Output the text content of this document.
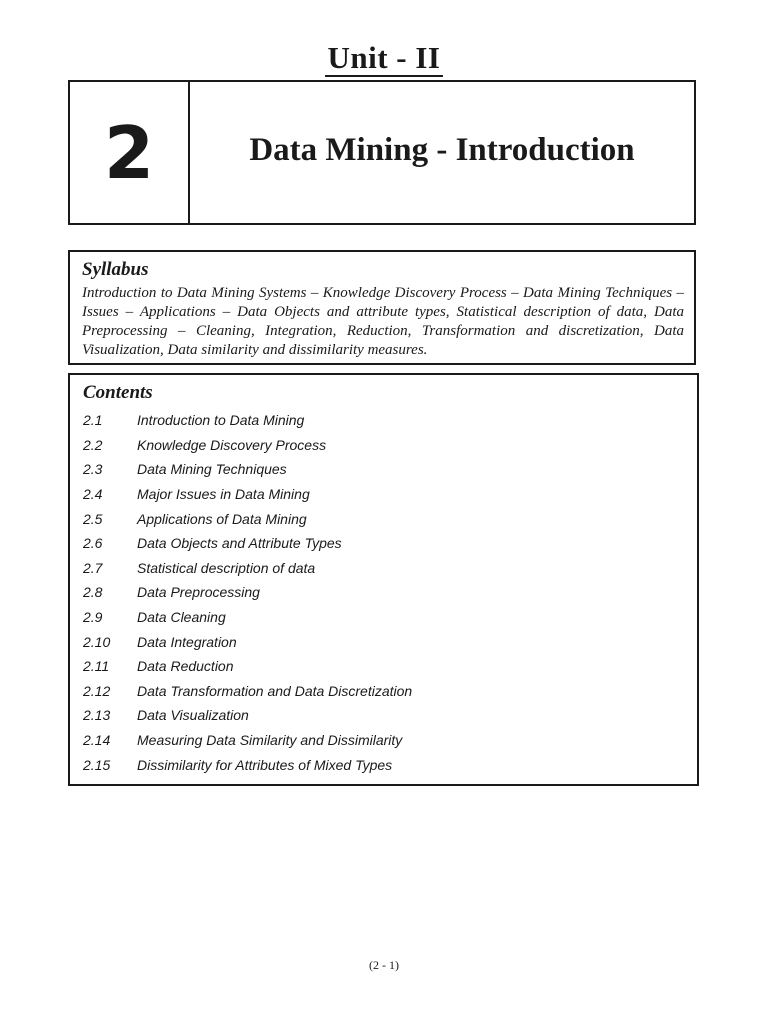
Unit - II
2	Data Mining - Introduction
Syllabus

Introduction to Data Mining Systems – Knowledge Discovery Process – Data Mining Techniques – Issues – Applications – Data Objects and attribute types, Statistical description of data, Data Preprocessing – Cleaning, Integration, Reduction, Transformation and discretization, Data Visualization, Data similarity and dissimilarity measures.

Contents
2.1	Introduction to Data Mining
2.2	Knowledge Discovery Process
2.3	Data Mining Techniques
2.4	Major Issues in Data Mining
2.5	Applications of Data Mining
2.6	Data Objects and Attribute Types
2.7	Statistical description of data
2.8	Data Preprocessing
2.9	Data Cleaning
2.10	Data Integration
2.11	Data Reduction
2.12	Data Transformation and Data Discretization
2.13	Data Visualization
2.14	Measuring Data Similarity and Dissimilarity
2.15	Dissimilarity for Attributes of Mixed Types
(2 - 1)
